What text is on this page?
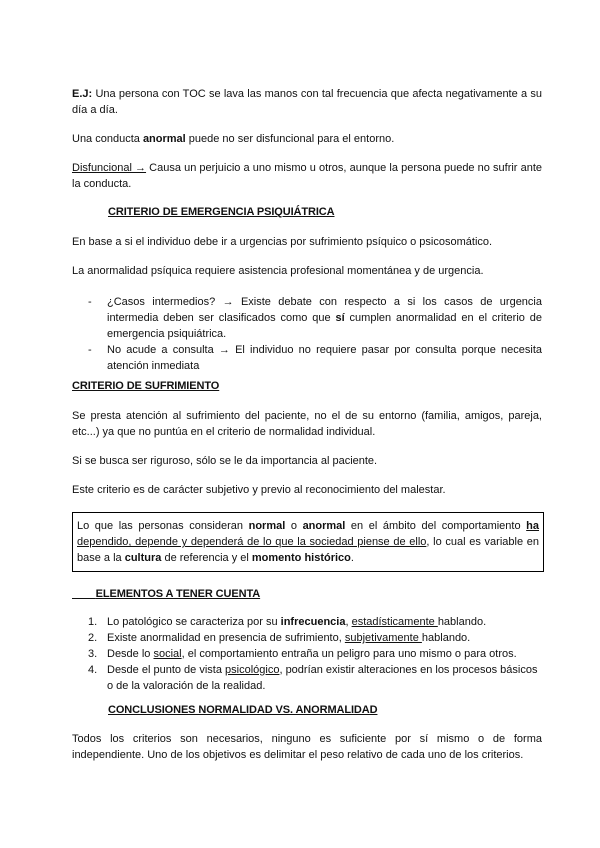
E.J: Una persona con TOC se lava las manos con tal frecuencia que afecta negativamente a su día a día.

Una conducta anormal puede no ser disfuncional para el entorno.

Disfuncional → Causa un perjuicio a uno mismo u otros, aunque la persona puede no sufrir ante la conducta.

CRITERIO DE EMERGENCIA PSIQUIÁTRICA

En base a si el individuo debe ir a urgencias por sufrimiento psíquico o psicosomático.

La anormalidad psíquica requiere asistencia profesional momentánea y de urgencia.

- ¿Casos intermedios? → Existe debate con respecto a si los casos de urgencia intermedia deben ser clasificados como que sí cumplen anormalidad en el criterio de emergencia psiquiátrica.
- No acude a consulta → El individuo no requiere pasar por consulta porque necesita atención inmediata
CRITERIO DE SUFRIMIENTO

Se presta atención al sufrimiento del paciente, no el de su entorno (familia, amigos, pareja, etc...) ya que no puntúa en el criterio de normalidad individual.

Si se busca ser riguroso, sólo se le da importancia al paciente.

Este criterio es de carácter subjetivo y previo al reconocimiento del malestar.

Lo que las personas consideran normal o anormal en el ámbito del comportamiento ha dependido, depende y dependerá de lo que la sociedad piense de ello, lo cual es variable en base a la cultura de referencia y el momento histórico.
ELEMENTOS A TENER CUENTA
1. Lo patológico se caracteriza por su infrecuencia, estadísticamente hablando.
2. Existe anormalidad en presencia de sufrimiento, subjetivamente hablando.
3. Desde lo social, el comportamiento entraña un peligro para uno mismo o para otros.
4. Desde el punto de vista psicológico, podrían existir alteraciones en los procesos básicos o de la valoración de la realidad.
CONCLUSIONES NORMALIDAD VS. ANORMALIDAD

Todos los criterios son necesarios, ninguno es suficiente por sí mismo o de forma independiente. Uno de los objetivos es delimitar el peso relativo de cada uno de los criterios.
